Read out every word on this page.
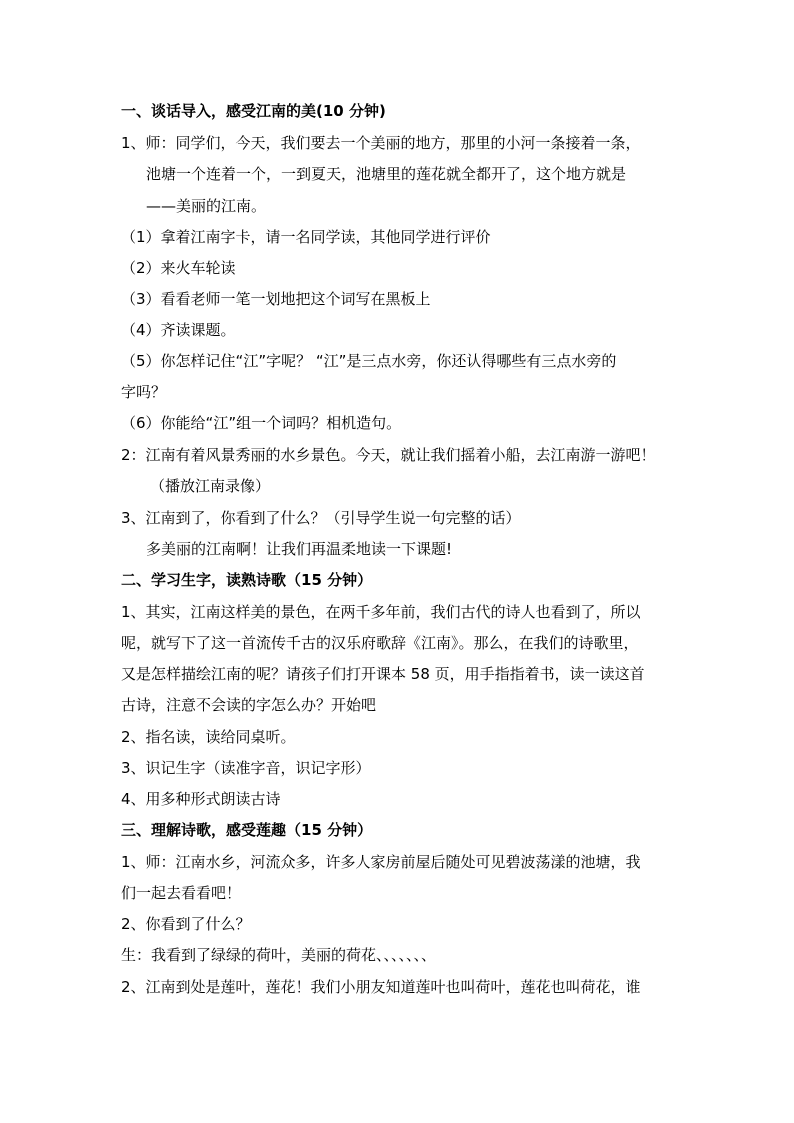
一、谈话导入，感受江南的美(10 分钟)
1、师：同学们，今天，我们要去一个美丽的地方，那里的小河一条接着一条，
池塘一个连着一个，一到夏天，池塘里的莲花就全都开了，这个地方就是
——美丽的江南。
（1）拿着江南字卡，请一名同学读，其他同学进行评价
（2）来火车轮读
（3）看看老师一笔一划地把这个词写在黑板上
（4）齐读课题。
（5）你怎样记住“江”字呢？ “江”是三点水旁，你还认得哪些有三点水旁的
字吗？
（6）你能给“江”组一个词吗？相机造句。
2：江南有着风景秀丽的水乡景色。今天，就让我们摇着小船，去江南游一游吧！
（播放江南录像）
3、江南到了，你看到了什么？（引导学生说一句完整的话）
多美丽的江南啊！让我们再温柔地读一下课题!
二、学习生字，读熟诗歌（15 分钟）
1、其实，江南这样美的景色，在两千多年前，我们古代的诗人也看到了，所以
呢，就写下了这一首流传千古的汉乐府歌辞《江南》。那么，在我们的诗歌里，
又是怎样描绘江南的呢？请孩子们打开课本 58 页，用手指指着书，读一读这首
古诗，注意不会读的字怎么办？开始吧
2、指名读，读给同桌听。
3、识记生字（读准字音，识记字形）
4、用多种形式朗读古诗
三、理解诗歌，感受莲趣（15 分钟）
1、师：江南水乡，河流众多，许多人家房前屋后随处可见碧波荡漾的池塘，我
们一起去看看吧！
2、你看到了什么？
生：我看到了绿绿的荷叶，美丽的荷花、、、、、、、
2、江南到处是莲叶，莲花！我们小朋友知道莲叶也叫荷叶，莲花也叫荷花，谁
